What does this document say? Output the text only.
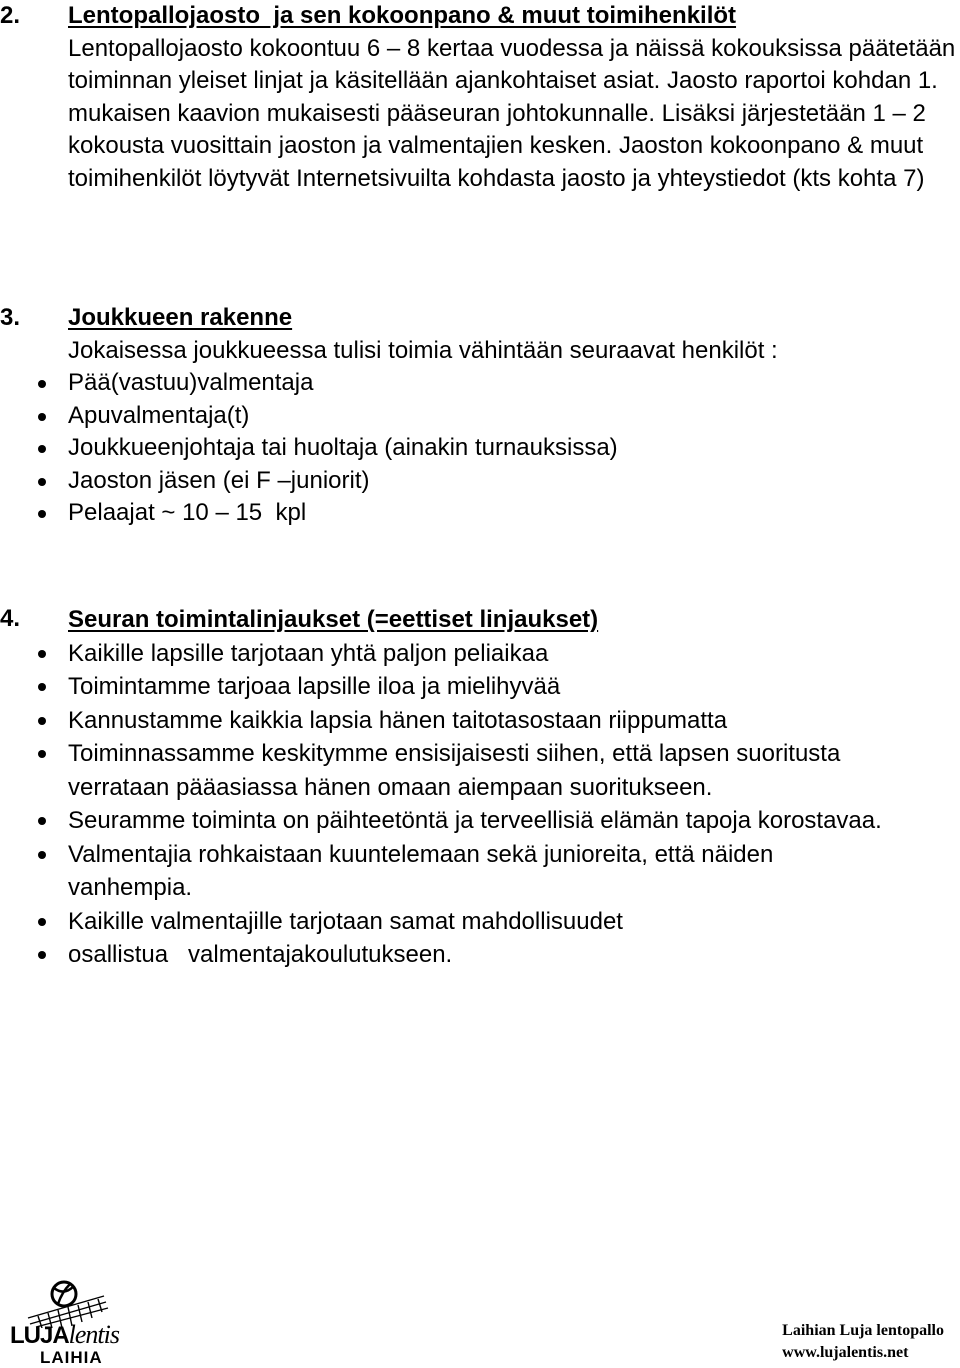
2. Lentopallojaosto  ja sen kokoonpano & muut toimihenkilöt

Lentopallojaosto kokoontuu 6 – 8 kertaa vuodessa ja näissä kokouksissa päätetään toiminnan yleiset linjat ja käsitellään ajankohtaiset asiat. Jaosto raportoi kohdan 1. mukaisen kaavion mukaisesti pääseuran johtokunnalle. Lisäksi järjestetään 1 – 2 kokousta vuosittain jaoston ja valmentajien kesken. Jaoston kokoonpano & muut toimihenkilöt löytyvät Internetsivuilta kohdasta jaosto ja yhteystiedot (kts kohta 7)

3. Joukkueen rakenne

Jokaisessa joukkueessa tulisi toimia vähintään seuraavat henkilöt :

Pää(vastuu)valmentaja
Apuvalmentaja(t)
Joukkueenjohtaja tai huoltaja (ainakin turnauksissa)
Jaoston jäsen (ei F –juniorit)
Pelaajat ~ 10 – 15  kpl
4. Seuran toimintalinjaukset (=eettiset linjaukset)
Kaikille lapsille tarjotaan yhtä paljon peliaikaa
Toimintamme tarjoaa lapsille iloa ja mielihyvää
Kannustamme kaikkia lapsia hänen taitotasostaan riippumatta
Toiminnassamme keskitymme ensisijaisesti siihen, että lapsen suoritusta verrataan pääasiassa hänen omaan aiempaan suoritukseen.
Seuramme toiminta on päihteetöntä ja terveellisiä elämän tapoja korostavaa.
Valmentajia rohkaistaan kuuntelemaan sekä junioreita, että näiden vanhempia.
Kaikille valmentajille tarjotaan samat mahdollisuudet
osallistua   valmentajakoulutukseen.
LUJAlentis
LAIHIA
Laihian Luja lentopallo
www.lujalentis.net
